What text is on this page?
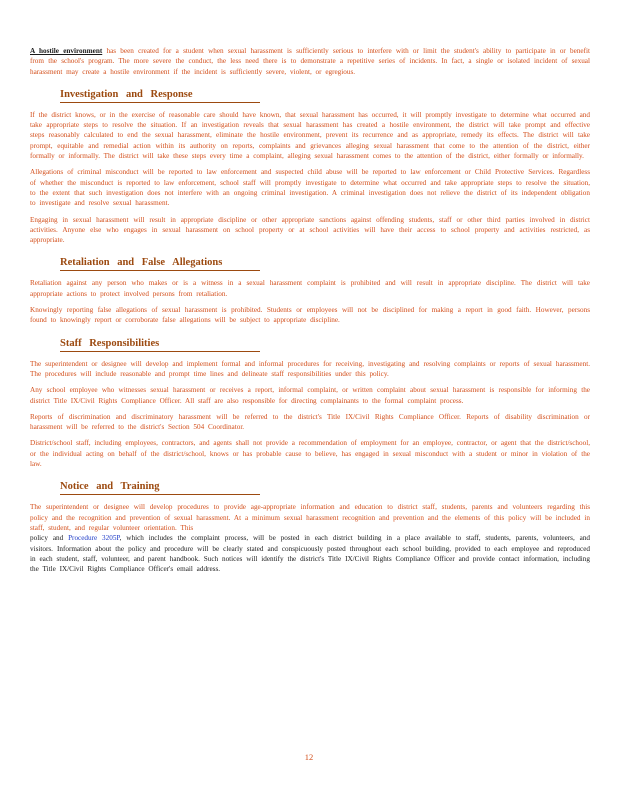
A hostile environment has been created for a student when sexual harassment is sufficiently serious to interfere with or limit the student's ability to participate in or benefit from the school's program. The more severe the conduct, the less need there is to demonstrate a repetitive series of incidents. In fact, a single or isolated incident of sexual harassment may create a hostile environment if the incident is sufficiently severe, violent, or egregious.

Investigation and Response

If the district knows, or in the exercise of reasonable care should have known, that sexual harassment has occurred, it will promptly investigate to determine what occurred and take appropriate steps to resolve the situation. If an investigation reveals that sexual harassment has created a hostile environment, the district will take prompt and effective steps reasonably calculated to end the sexual harassment, eliminate the hostile environment, prevent its recurrence and as appropriate, remedy its effects. The district will take prompt, equitable and remedial action within its authority on reports, complaints and grievances alleging sexual harassment that come to the attention of the district, either formally or informally. The district will take these steps every time a complaint, alleging sexual harassment comes to the attention of the district, either formally or informally.

Allegations of criminal misconduct will be reported to law enforcement and suspected child abuse will be reported to law enforcement or Child Protective Services. Regardless of whether the misconduct is reported to law enforcement, school staff will promptly investigate to determine what occurred and take appropriate steps to resolve the situation, to the extent that such investigation does not interfere with an ongoing criminal investigation. A criminal investigation does not relieve the district of its independent obligation to investigate and resolve sexual harassment.

Engaging in sexual harassment will result in appropriate discipline or other appropriate sanctions against offending students, staff or other third parties involved in district activities. Anyone else who engages in sexual harassment on school property or at school activities will have their access to school property and activities restricted, as appropriate.

Retaliation and False Allegations

Retaliation against any person who makes or is a witness in a sexual harassment complaint is prohibited and will result in appropriate discipline. The district will take appropriate actions to protect involved persons from retaliation.

Knowingly reporting false allegations of sexual harassment is prohibited. Students or employees will not be disciplined for making a report in good faith. However, persons found to knowingly report or corroborate false allegations will be subject to appropriate discipline.

Staff Responsibilities

The superintendent or designee will develop and implement formal and informal procedures for receiving, investigating and resolving complaints or reports of sexual harassment. The procedures will include reasonable and prompt time lines and delineate staff responsibilities under this policy.

Any school employee who witnesses sexual harassment or receives a report, informal complaint, or written complaint about sexual harassment is responsible for informing the district Title IX/Civil Rights Compliance Officer. All staff are also responsible for directing complainants to the formal complaint process.

Reports of discrimination and discriminatory harassment will be referred to the district's Title IX/Civil Rights Compliance Officer. Reports of disability discrimination or harassment will be referred to the district's Section 504 Coordinator.

District/school staff, including employees, contractors, and agents shall not provide a recommendation of employment for an employee, contractor, or agent that the district/school, or the individual acting on behalf of the district/school, knows or has probable cause to believe, has engaged in sexual misconduct with a student or minor in violation of the law.

Notice and Training

The superintendent or designee will develop procedures to provide age-appropriate information and education to district staff, students, parents and volunteers regarding this policy and the recognition and prevention of sexual harassment. At a minimum sexual harassment recognition and prevention and the elements of this policy will be included in staff, student, and regular volunteer orientation. This

policy and Procedure 3205P, which includes the complaint process, will be posted in each district building in a place available to staff, students, parents, volunteers, and visitors. Information about the policy and procedure will be clearly stated and conspicuously posted throughout each school building, provided to each employee and reproduced in each student, staff, volunteer, and parent handbook. Such notices will identify the district's Title IX/Civil Rights Compliance Officer and provide contact information, including the Title IX/Civil Rights Compliance Officer's email address.

12
